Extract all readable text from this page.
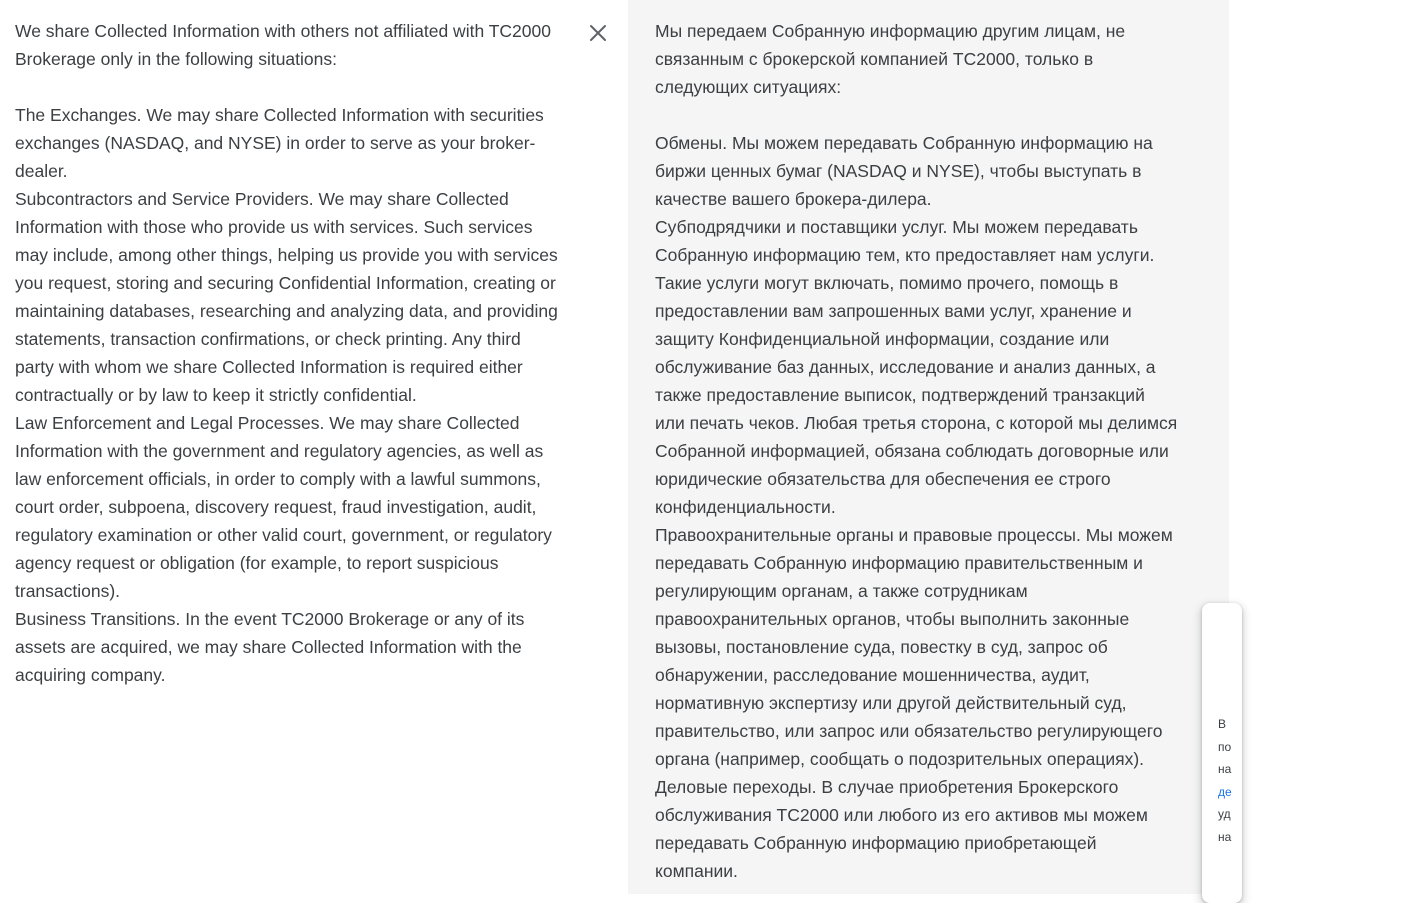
We share Collected Information with others not affiliated with TC2000
Brokerage only in the following situations:

The Exchanges. We may share Collected Information with securities
exchanges (NASDAQ, and NYSE) in order to serve as your broker-
dealer.
Subcontractors and Service Providers. We may share Collected
Information with those who provide us with services. Such services
may include, among other things, helping us provide you with services
you request, storing and securing Confidential Information, creating or
maintaining databases, researching and analyzing data, and providing
statements, transaction confirmations, or check printing. Any third
party with whom we share Collected Information is required either
contractually or by law to keep it strictly confidential.
Law Enforcement and Legal Processes. We may share Collected
Information with the government and regulatory agencies, as well as
law enforcement officials, in order to comply with a lawful summons,
court order, subpoena, discovery request, fraud investigation, audit,
regulatory examination or other valid court, government, or regulatory
agency request or obligation (for example, to report suspicious
transactions).
Business Transitions. In the event TC2000 Brokerage or any of its
assets are acquired, we may share Collected Information with the
acquiring company.
Мы передаем Собранную информацию другим лицам, не
связанным с брокерской компанией TC2000, только в
следующих ситуациях:

Обмены. Мы можем передавать Собранную информацию на
биржи ценных бумаг (NASDAQ и NYSE), чтобы выступать в
качестве вашего брокера-дилера.
Субподрядчики и поставщики услуг. Мы можем передавать
Собранную информацию тем, кто предоставляет нам услуги.
Такие услуги могут включать, помимо прочего, помощь в
предоставлении вам запрошенных вами услуг, хранение и
защиту Конфиденциальной информации, создание или
обслуживание баз данных, исследование и анализ данных, а
также предоставление выписок, подтверждений транзакций
или печать чеков. Любая третья сторона, с которой мы делимся
Собранной информацией, обязана соблюдать договорные или
юридические обязательства для обеспечения ее строго
конфиденциальности.
Правоохранительные органы и правовые процессы. Мы можем
передавать Собранную информацию правительственным и
регулирующим органам, а также сотрудникам
правоохранительных органов, чтобы выполнить законные
вызовы, постановление суда, повестку в суд, запрос об
обнаружении, расследование мошенничества, аудит,
нормативную экспертизу или другой действительный суд,
правительство, или запрос или обязательство регулирующего
органа (например, сообщать о подозрительных операциях).
Деловые переходы. В случае приобретения Брокерского
обслуживания TC2000 или любого из его активов мы можем
передавать Собранную информацию приобретающей
компании.
В
по
на
де
уд
на
